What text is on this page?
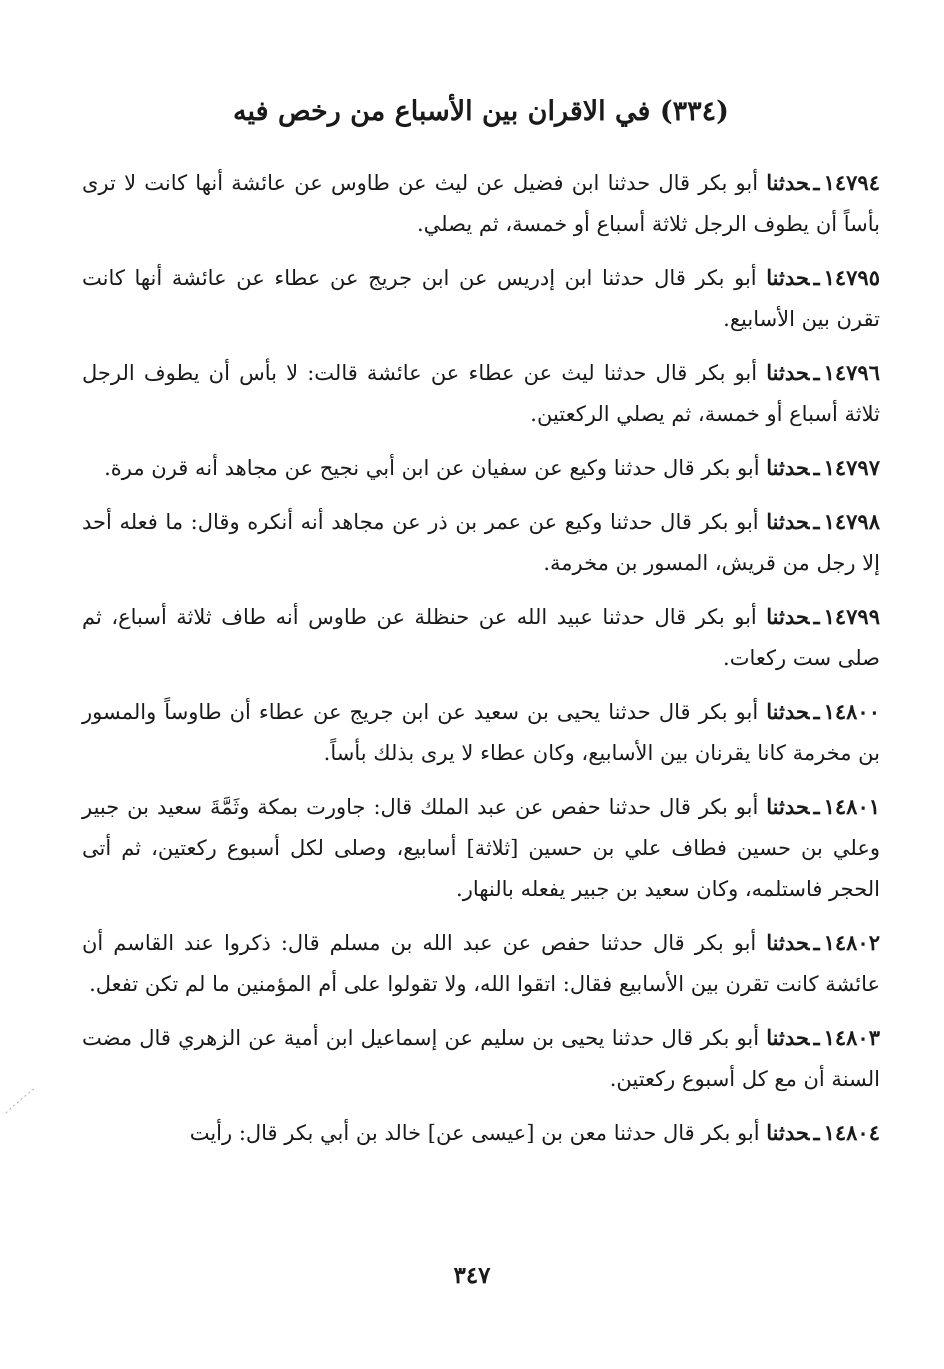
(٣٣٤) في الاقران بين الأسباع من رخص فيه

١٤٧٩٤ـحدثنا أبو بكر قال حدثنا ابن فضيل عن ليث عن طاوس عن عائشة أنها كانت لا ترى بأساً أن يطوف الرجل ثلاثة أسباع أو خمسة، ثم يصلي.

١٤٧٩٥ـحدثنا أبو بكر قال حدثنا ابن إدريس عن ابن جريج عن عطاء عن عائشة أنها كانت تقرن بين الأسابيع.

١٤٧٩٦ـحدثنا أبو بكر قال حدثنا ليث عن عطاء عن عائشة قالت: لا بأس أن يطوف الرجل ثلاثة أسباع أو خمسة، ثم يصلي الركعتين.

١٤٧٩٧ـحدثنا أبو بكر قال حدثنا وكيع عن سفيان عن ابن أبي نجيح عن مجاهد أنه قرن مرة.

١٤٧٩٨ـحدثنا أبو بكر قال حدثنا وكيع عن عمر بن ذر عن مجاهد أنه أنكره وقال: ما فعله أحد إلا رجل من قريش، المسور بن مخرمة.

١٤٧٩٩ـحدثنا أبو بكر قال حدثنا عبيد الله عن حنظلة عن طاوس أنه طاف ثلاثة أسباع، ثم صلى ست ركعات.

١٤٨٠٠ـحدثنا أبو بكر قال حدثنا يحيى بن سعيد عن ابن جريج عن عطاء أن طاوساً والمسور بن مخرمة كانا يقرنان بين الأسابيع، وكان عطاء لا يرى بذلك بأساً.

١٤٨٠١ـحدثنا أبو بكر قال حدثنا حفص عن عبد الملك قال: جاورت بمكة وثَمَّةَ سعيد بن جبير وعلي بن حسين فطاف علي بن حسين [ثلاثة] أسابيع، وصلى لكل أسبوع ركعتين، ثم أتى الحجر فاستلمه، وكان سعيد بن جبير يفعله بالنهار.

١٤٨٠٢ـحدثنا أبو بكر قال حدثنا حفص عن عبد الله بن مسلم قال: ذكروا عند القاسم أن عائشة كانت تقرن بين الأسابيع فقال: اتقوا الله، ولا تقولوا على أم المؤمنين ما لم تكن تفعل.

١٤٨٠٣ـحدثنا أبو بكر قال حدثنا يحيى بن سليم عن إسماعيل ابن أمية عن الزهري قال مضت السنة أن مع كل أسبوع ركعتين.

١٤٨٠٤ـحدثنا أبو بكر قال حدثنا معن بن [عيسى عن] خالد بن أبي بكر قال: رأيت

٣٤٧
